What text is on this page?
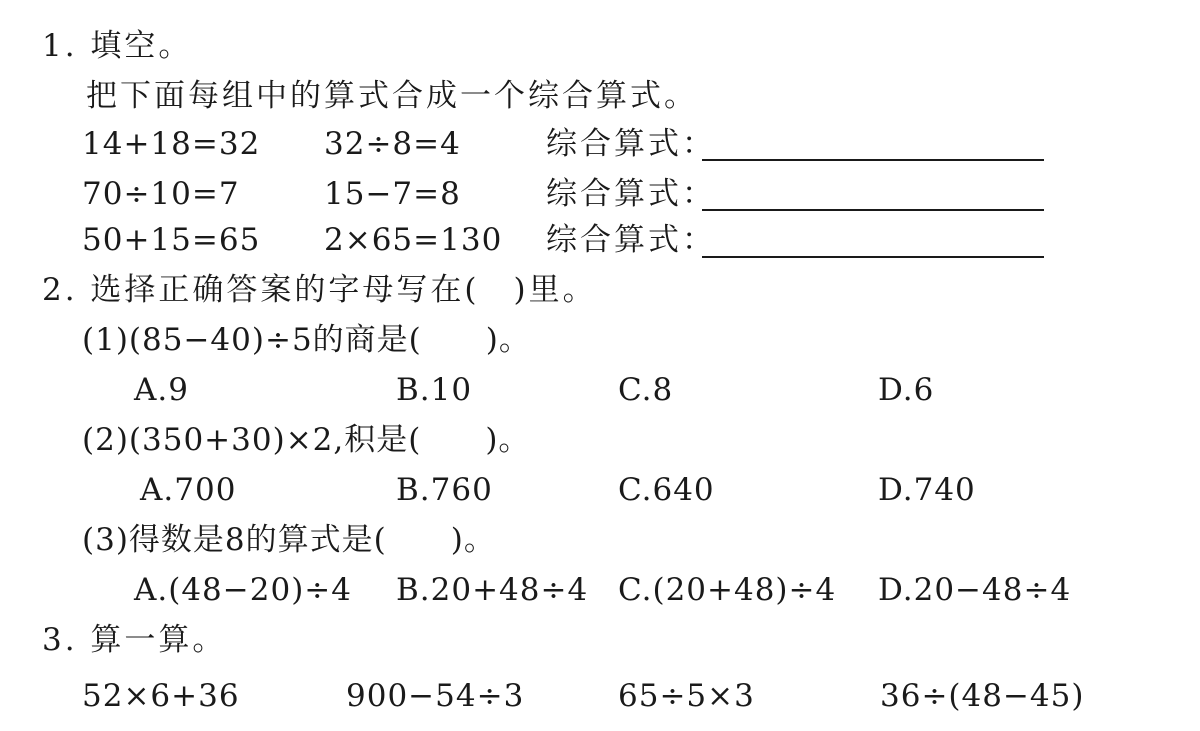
1. 填空。
把下面每组中的算式合成一个综合算式。
14+18=32 32÷8=4	综合算式：
70÷10=7	15−7=8	综合算式：
50+15=65 2×65=130 综合算式：
2. 选择正确答案的字母写在(　)里。
(1)(85−40)÷5的商是(　　)。
A.9	B.10	C.8	D.6
(2)(350+30)×2,积是(　　)。
A.700	B.760	C.640	D.740
(3)得数是8的算式是(　　)。
A.(48−20)÷4 B.20+48÷4 C.(20+48)÷4 D.20−48÷4
3. 算一算。
52×6+36	900−54÷3	65÷5×3	36÷(48−45)
